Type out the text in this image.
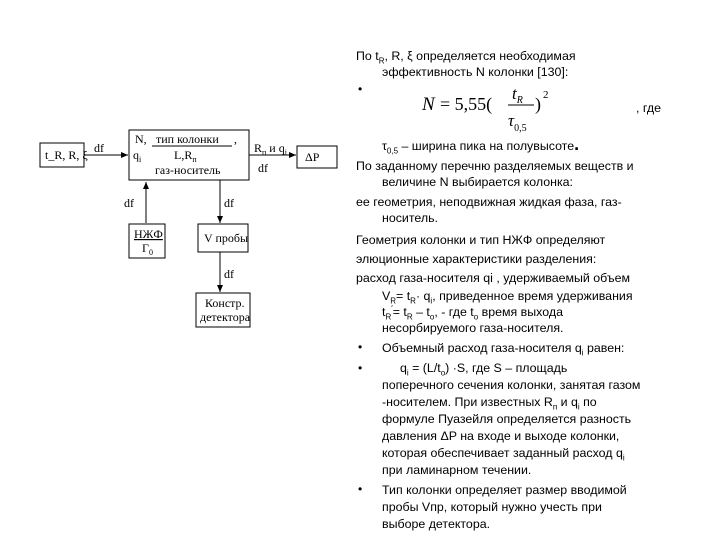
t_R, R, ξ df
N, тип колонки ,
$q_i$	$L,R_п$
газ-носитель
$R_п$ и $q_i$
df
ΔP
df	df
НЖФ
$Г_0$
V пробы
df
Констр.
детектора
По $t_R$, R, ξ определяется необходимая
эффективность N колонки [130]:
•
N = 5,55(
$t_R$
$\tau_{0,5}$
) 2
, где
$\tau_{0,5}$ – ширина пика на полувысоте.
По заданному перечню разделяемых веществ и
величине N выбирается колонка:
ее геометрия, неподвижная жидкая фаза, газ-
носитель.
Геометрия колонки и тип НЖФ определяют
элюционные характеристики разделения:
расход газа-носителя qi , удерживаемый объем
$V_R= t_R\cdot q_i$, приведенное время удерживания
$t_R'= t_R - t_o$, - где $t_o$ время выхода
несорбируемого газа-носителя.
• Объемный расход газа-носителя $q_i$ равен:
•	$q_i = (L/t_o) \cdot S$, где S – площадь
поперечного сечения колонки, занятая газом
-носителем. При известных $R_п$ и $q_i$ по
формуле Пуазейля определяется разность
давления ΔP на входе и выходе колонки,
которая обеспечивает заданный расход $q_i$
при ламинарном течении.
• Тип колонки определяет размер вводимой
пробы Vпр, который нужно учесть при
выборе детектора.
